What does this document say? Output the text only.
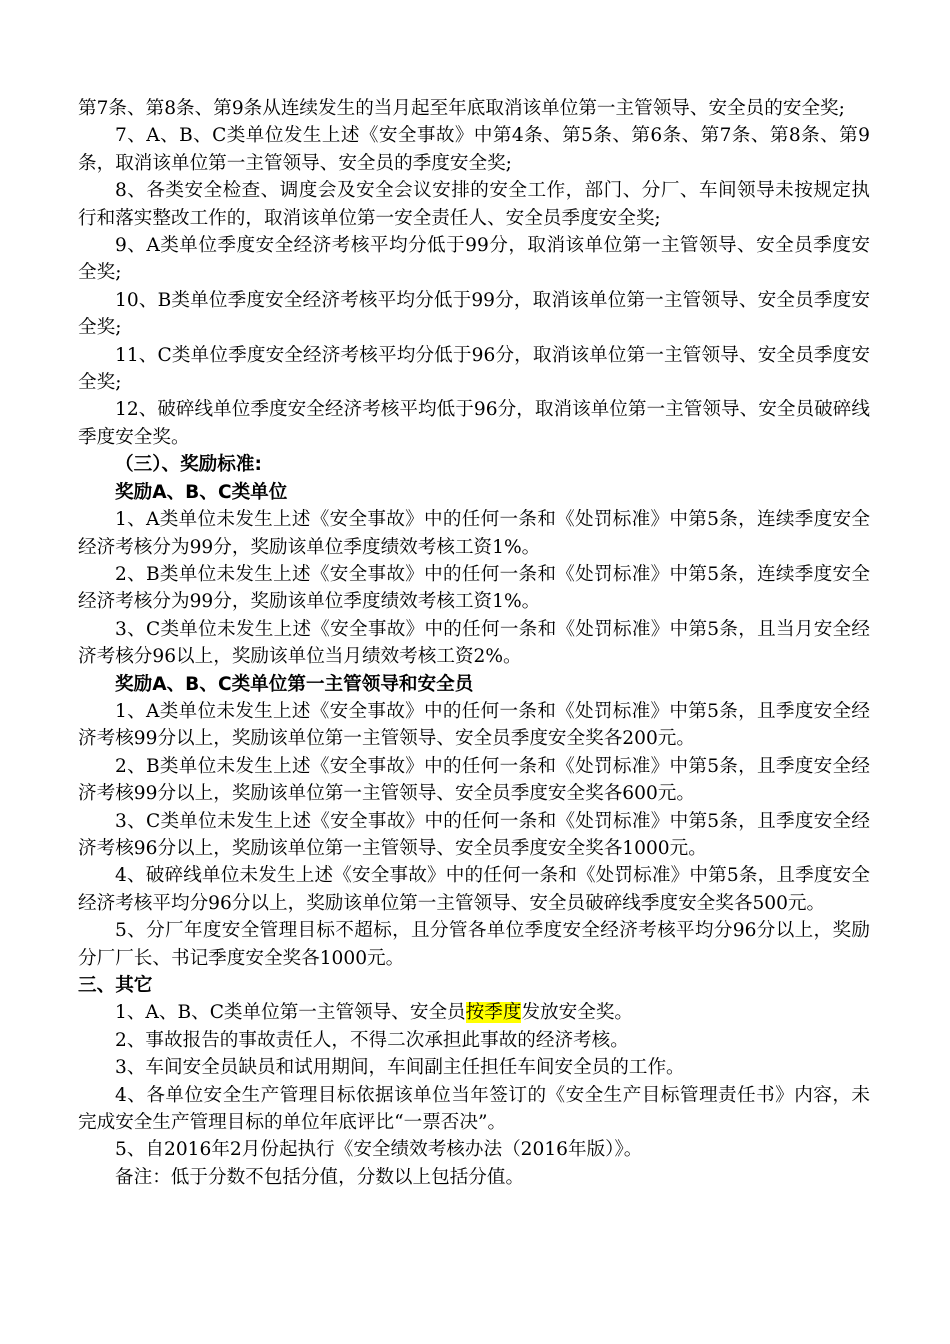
第7条、第8条、第9条从连续发生的当月起至年底取消该单位第一主管领导、安全员的安全奖;

7、A、B、C类单位发生上述《安全事故》中第4条、第5条、第6条、第7条、第8条、第9条，取消该单位第一主管领导、安全员的季度安全奖;

8、各类安全检查、调度会及安全会议安排的安全工作，部门、分厂、车间领导未按规定执行和落实整改工作的，取消该单位第一安全责任人、安全员季度安全奖;

9、A类单位季度安全经济考核平均分低于99分，取消该单位第一主管领导、安全员季度安全奖;

10、B类单位季度安全经济考核平均分低于99分，取消该单位第一主管领导、安全员季度安全奖;

11、C类单位季度安全经济考核平均分低于96分，取消该单位第一主管领导、安全员季度安全奖;

12、破碎线单位季度安全经济考核平均低于96分，取消该单位第一主管领导、安全员破碎线季度安全奖。

（三）、奖励标准:

奖励A、B、C类单位

1、A类单位未发生上述《安全事故》中的任何一条和《处罚标准》中第5条，连续季度安全经济考核分为99分，奖励该单位季度绩效考核工资1%。

2、B类单位未发生上述《安全事故》中的任何一条和《处罚标准》中第5条，连续季度安全经济考核分为99分，奖励该单位季度绩效考核工资1%。

3、C类单位未发生上述《安全事故》中的任何一条和《处罚标准》中第5条，且当月安全经济考核分96以上，奖励该单位当月绩效考核工资2%。

奖励A、B、C类单位第一主管领导和安全员

1、A类单位未发生上述《安全事故》中的任何一条和《处罚标准》中第5条，且季度安全经济考核99分以上，奖励该单位第一主管领导、安全员季度安全奖各200元。

2、B类单位未发生上述《安全事故》中的任何一条和《处罚标准》中第5条，且季度安全经济考核99分以上，奖励该单位第一主管领导、安全员季度安全奖各600元。

3、C类单位未发生上述《安全事故》中的任何一条和《处罚标准》中第5条，且季度安全经济考核96分以上，奖励该单位第一主管领导、安全员季度安全奖各1000元。

4、破碎线单位未发生上述《安全事故》中的任何一条和《处罚标准》中第5条，且季度安全经济考核平均分96分以上，奖励该单位第一主管领导、安全员破碎线季度安全奖各500元。

5、分厂年度安全管理目标不超标，且分管各单位季度安全经济考核平均分96分以上，奖励分厂厂长、书记季度安全奖各1000元。

三、其它

1、A、B、C类单位第一主管领导、安全员按季度发放安全奖。

2、事故报告的事故责任人，不得二次承担此事故的经济考核。

3、车间安全员缺员和试用期间，车间副主任担任车间安全员的工作。

4、各单位安全生产管理目标依据该单位当年签订的《安全生产目标管理责任书》内容，未完成安全生产管理目标的单位年底评比“一票否决”。

5、自2016年2月份起执行《安全绩效考核办法（2016年版）》。

备注：低于分数不包括分值，分数以上包括分值。
